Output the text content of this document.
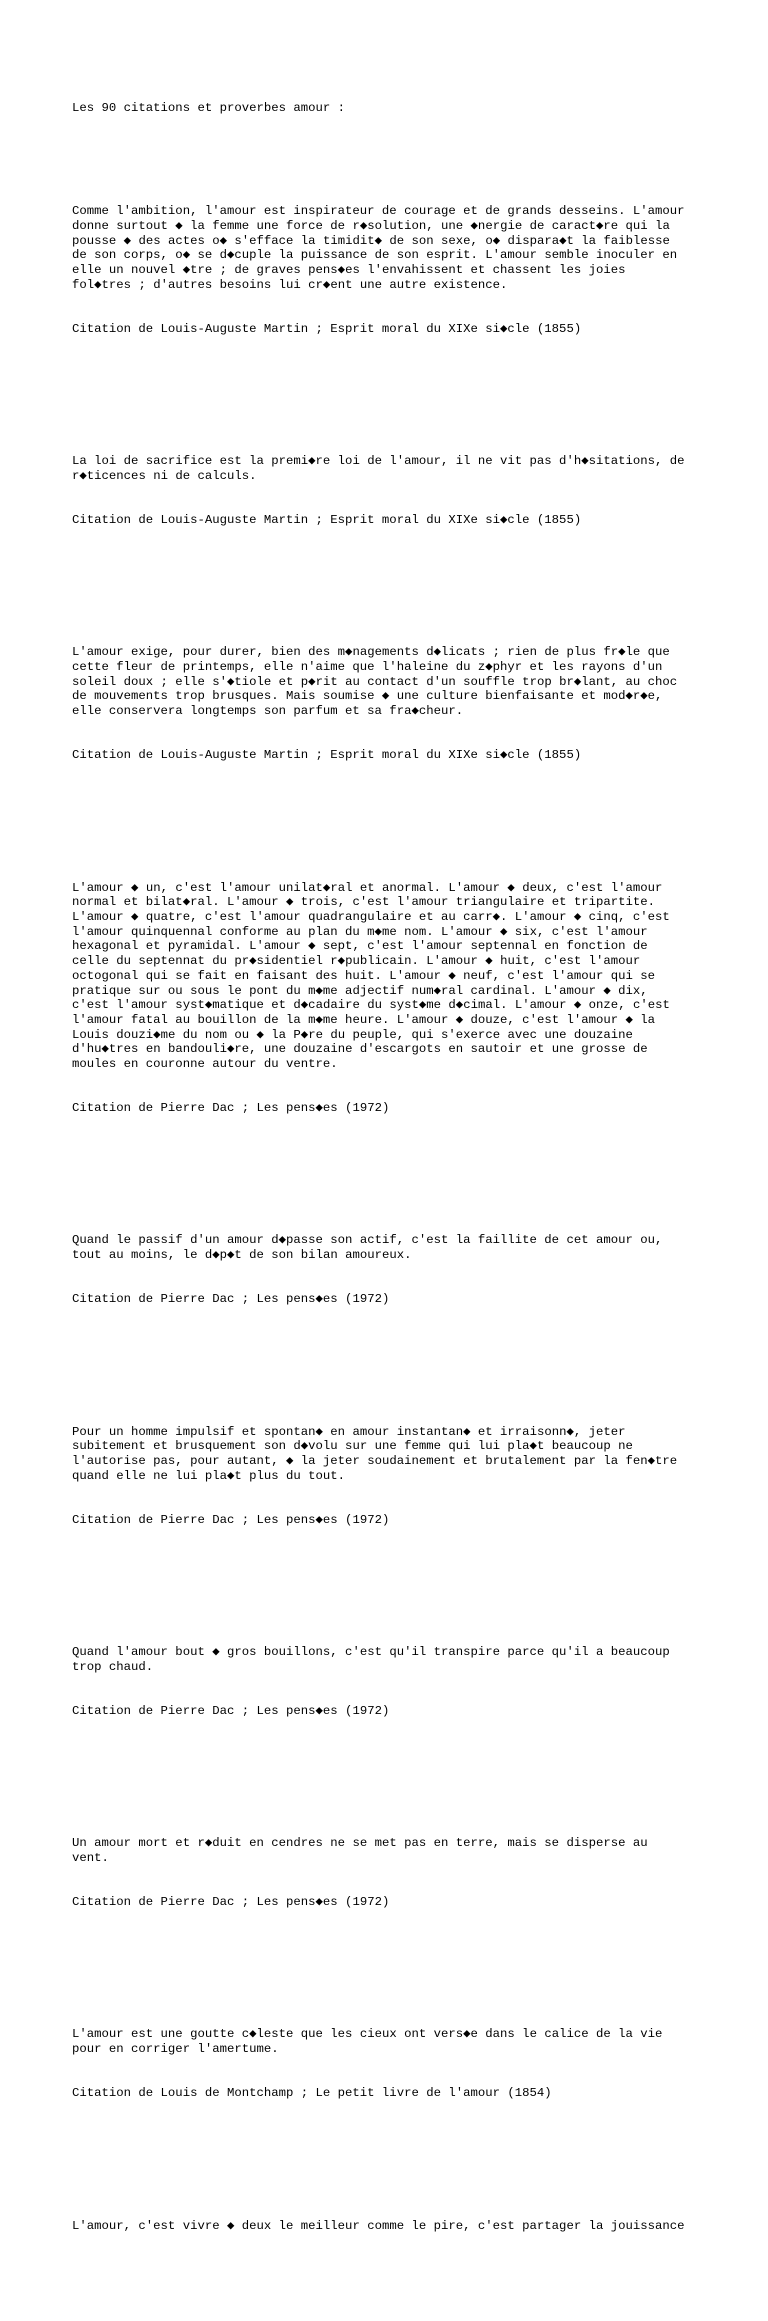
Les 90 citations et proverbes amour :

Comme l'ambition, l'amour est inspirateur de courage et de grands desseins. L'amour
donne surtout ◆ la femme une force de r◆solution, une ◆nergie de caract◆re qui la
pousse ◆ des actes o◆ s'efface la timidit◆ de son sexe, o◆ dispara◆t la faiblesse
de son corps, o◆ se d◆cuple la puissance de son esprit. L'amour semble inoculer en
elle un nouvel ◆tre ; de graves pens◆es l'envahissent et chassent les joies
fol◆tres ; d'autres besoins lui cr◆ent une autre existence.

Citation de Louis-Auguste Martin ; Esprit moral du XIXe si◆cle (1855)

La loi de sacrifice est la premi◆re loi de l'amour, il ne vit pas d'h◆sitations, de
r◆ticences ni de calculs.

Citation de Louis-Auguste Martin ; Esprit moral du XIXe si◆cle (1855)

L'amour exige, pour durer, bien des m◆nagements d◆licats ; rien de plus fr◆le que
cette fleur de printemps, elle n'aime que l'haleine du z◆phyr et les rayons d'un
soleil doux ; elle s'◆tiole et p◆rit au contact d'un souffle trop br◆lant, au choc
de mouvements trop brusques. Mais soumise ◆ une culture bienfaisante et mod◆r◆e,
elle conservera longtemps son parfum et sa fra◆cheur.

Citation de Louis-Auguste Martin ; Esprit moral du XIXe si◆cle (1855)

L'amour ◆ un, c'est l'amour unilat◆ral et anormal. L'amour ◆ deux, c'est l'amour
normal et bilat◆ral. L'amour ◆ trois, c'est l'amour triangulaire et tripartite.
L'amour ◆ quatre, c'est l'amour quadrangulaire et au carr◆. L'amour ◆ cinq, c'est
l'amour quinquennal conforme au plan du m◆me nom. L'amour ◆ six, c'est l'amour
hexagonal et pyramidal. L'amour ◆ sept, c'est l'amour septennal en fonction de
celle du septennat du pr◆sidentiel r◆publicain. L'amour ◆ huit, c'est l'amour
octogonal qui se fait en faisant des huit. L'amour ◆ neuf, c'est l'amour qui se
pratique sur ou sous le pont du m◆me adjectif num◆ral cardinal. L'amour ◆ dix,
c'est l'amour syst◆matique et d◆cadaire du syst◆me d◆cimal. L'amour ◆ onze, c'est
l'amour fatal au bouillon de la m◆me heure. L'amour ◆ douze, c'est l'amour ◆ la
Louis douzi◆me du nom ou ◆ la P◆re du peuple, qui s'exerce avec une douzaine
d'hu◆tres en bandouli◆re, une douzaine d'escargots en sautoir et une grosse de
moules en couronne autour du ventre.

Citation de Pierre Dac ; Les pens◆es (1972)

Quand le passif d'un amour d◆passe son actif, c'est la faillite de cet amour ou,
tout au moins, le d◆p◆t de son bilan amoureux.

Citation de Pierre Dac ; Les pens◆es (1972)

Pour un homme impulsif et spontan◆ en amour instantan◆ et irraisonn◆, jeter
subitement et brusquement son d◆volu sur une femme qui lui pla◆t beaucoup ne
l'autorise pas, pour autant, ◆ la jeter soudainement et brutalement par la fen◆tre
quand elle ne lui pla◆t plus du tout.

Citation de Pierre Dac ; Les pens◆es (1972)

Quand l'amour bout ◆ gros bouillons, c'est qu'il transpire parce qu'il a beaucoup
trop chaud.

Citation de Pierre Dac ; Les pens◆es (1972)

Un amour mort et r◆duit en cendres ne se met pas en terre, mais se disperse au
vent.

Citation de Pierre Dac ; Les pens◆es (1972)

L'amour est une goutte c◆leste que les cieux ont vers◆e dans le calice de la vie
pour en corriger l'amertume.

Citation de Louis de Montchamp ; Le petit livre de l'amour (1854)

L'amour, c'est vivre ◆ deux le meilleur comme le pire, c'est partager la jouissance
